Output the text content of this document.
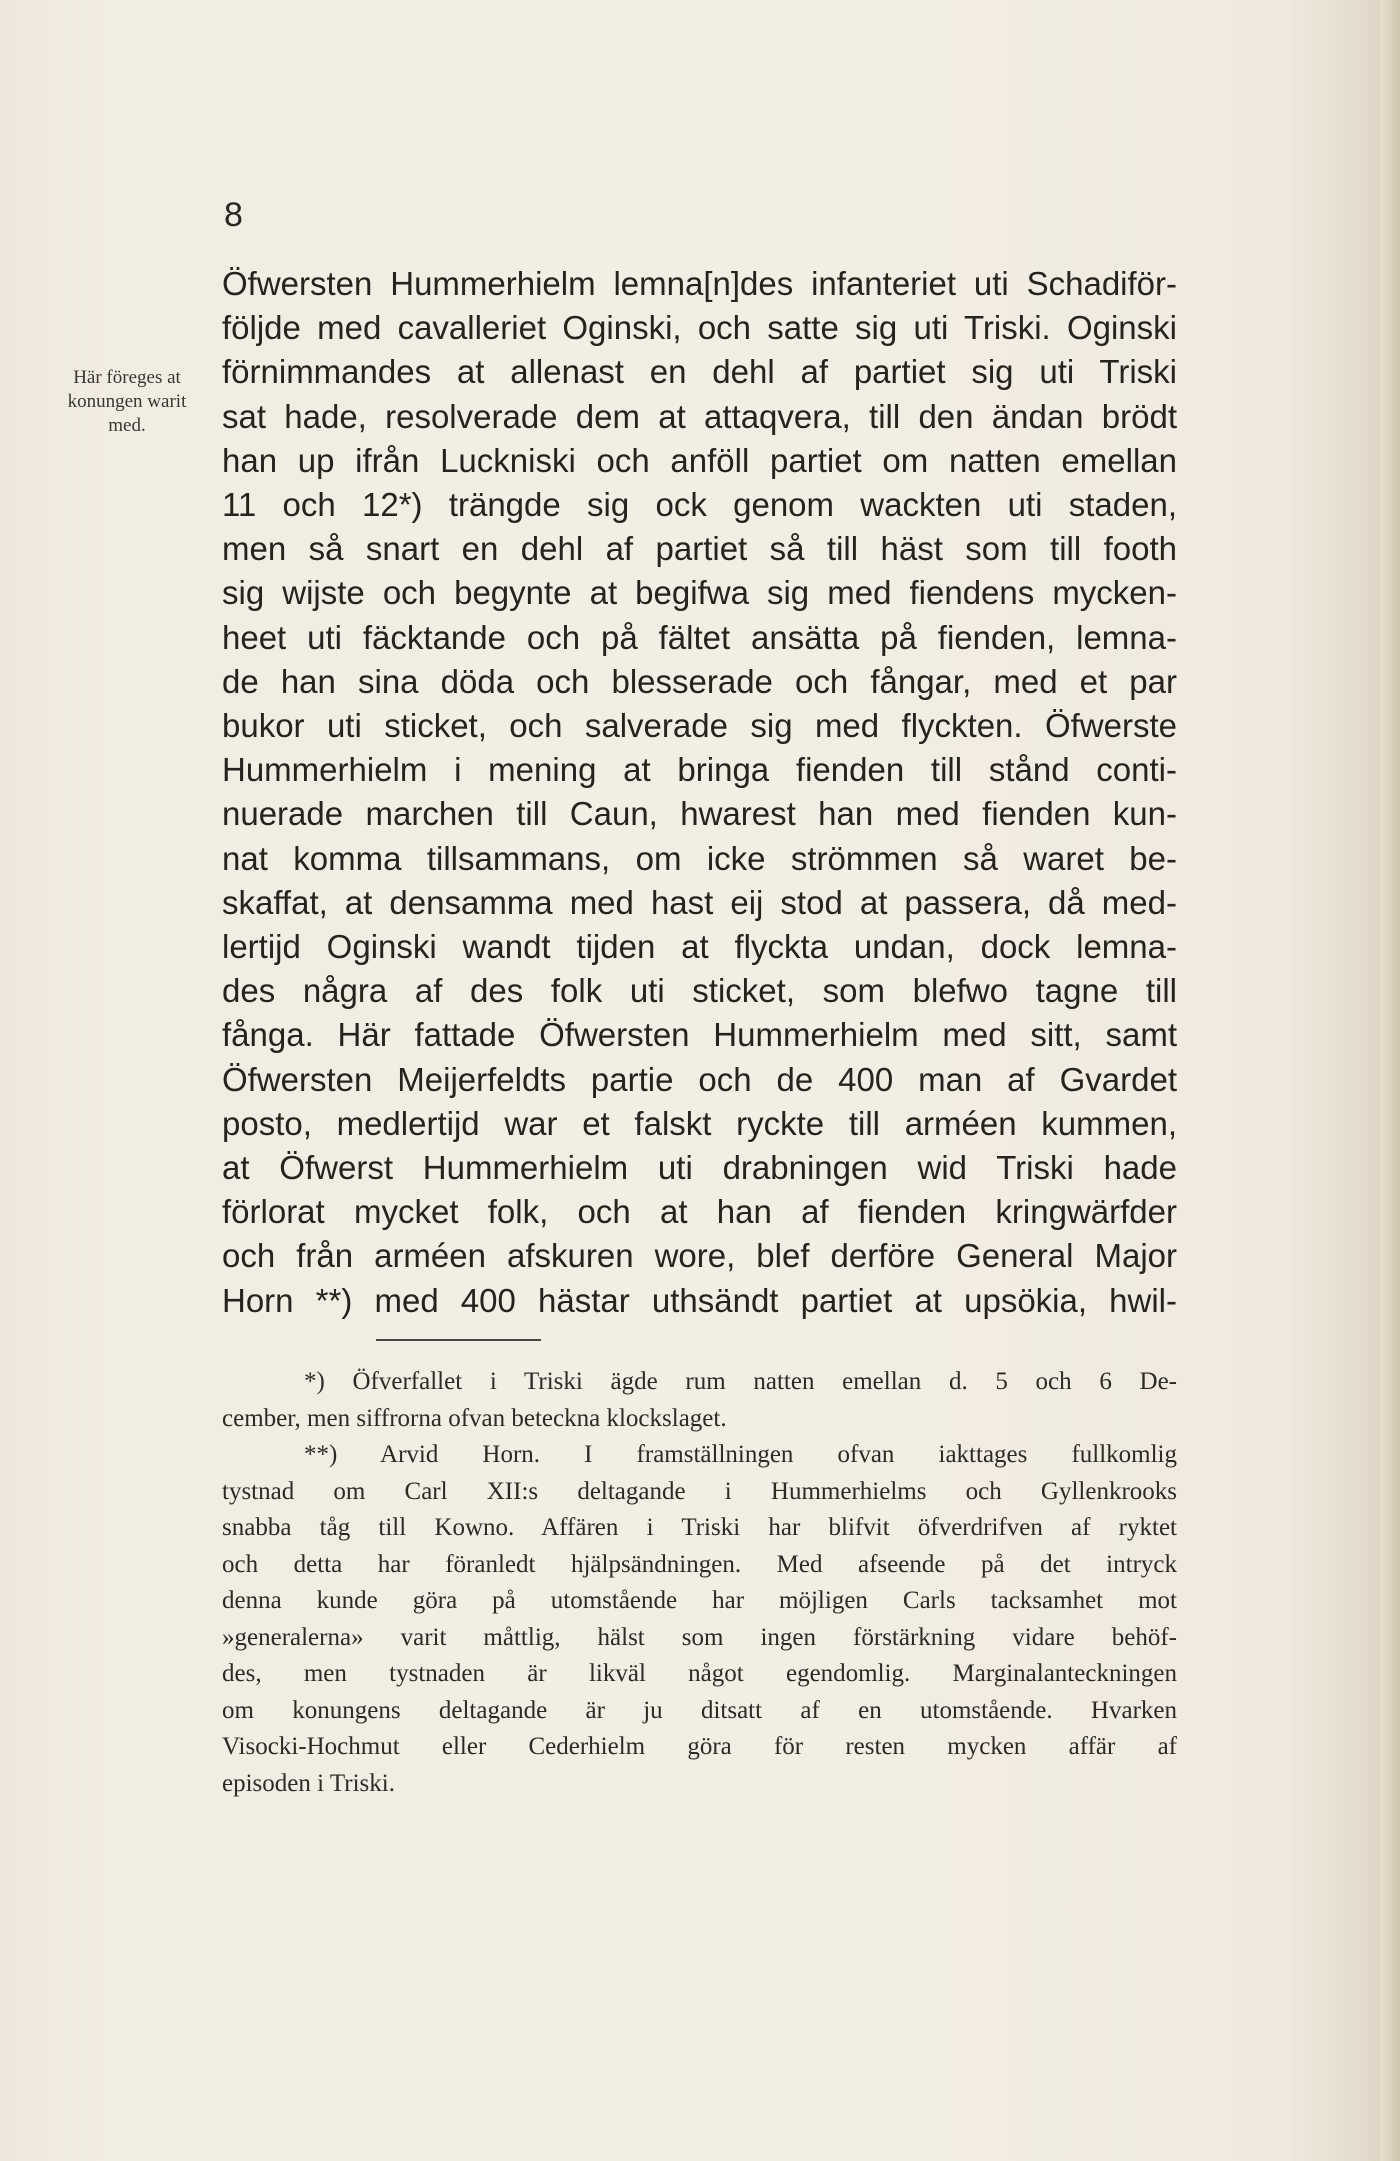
8
Här föreges at
konungen warit
med.
Öfwersten Hummerhielm lemna[n]des infanteriet uti Schadiför-
följde med cavalleriet Oginski, och satte sig uti Triski. Oginski
förnimmandes at allenast en dehl af partiet sig uti Triski
sat hade, resolverade dem at attaqvera, till den ändan brödt
han up ifrån Luckniski och anföll partiet om natten emellan
11 och 12*) trängde sig ock genom wackten uti staden,
men så snart en dehl af partiet så till häst som till footh
sig wijste och begynte at begifwa sig med fiendens mycken-
heet uti fäcktande och på fältet ansätta på fienden, lemna-
de han sina döda och blesserade och fångar, med et par
bukor uti sticket, och salverade sig med flyckten. Öfwerste
Hummerhielm i mening at bringa fienden till stånd conti-
nuerade marchen till Caun, hwarest han med fienden kun-
nat komma tillsammans, om icke strömmen så waret be-
skaffat, at densamma med hast eij stod at passera, då med-
lertijd Oginski wandt tijden at flyckta undan, dock lemna-
des några af des folk uti sticket, som blefwo tagne till
fånga. Här fattade Öfwersten Hummerhielm med sitt, samt
Öfwersten Meijerfeldts partie och de 400 man af Gvardet
posto, medlertijd war et falskt ryckte till arméen kummen,
at Öfwerst Hummerhielm uti drabningen wid Triski hade
förlorat mycket folk, och at han af fienden kringwärfder
och från arméen afskuren wore, blef derföre General Major
Horn **) med 400 hästar uthsändt partiet at upsökia, hwil-
*) Öfverfallet i Triski ägde rum natten emellan d. 5 och 6 De-
cember, men siffrorna ofvan beteckna klockslaget.
**) Arvid Horn. I framställningen ofvan iakttages fullkomlig
tystnad om Carl XII:s deltagande i Hummerhielms och Gyllenkrooks
snabba tåg till Kowno. Affären i Triski har blifvit öfverdrifven af ryktet
och detta har föranledt hjälpsändningen. Med afseende på det intryck
denna kunde göra på utomstående har möjligen Carls tacksamhet mot
»generalerna» varit måttlig, hälst som ingen förstärkning vidare behöf-
des, men tystnaden är likväl något egendomlig. Marginalanteckningen
om konungens deltagande är ju ditsatt af en utomstående. Hvarken
Visocki-Hochmut eller Cederhielm göra för resten mycken affär af
episoden i Triski.
